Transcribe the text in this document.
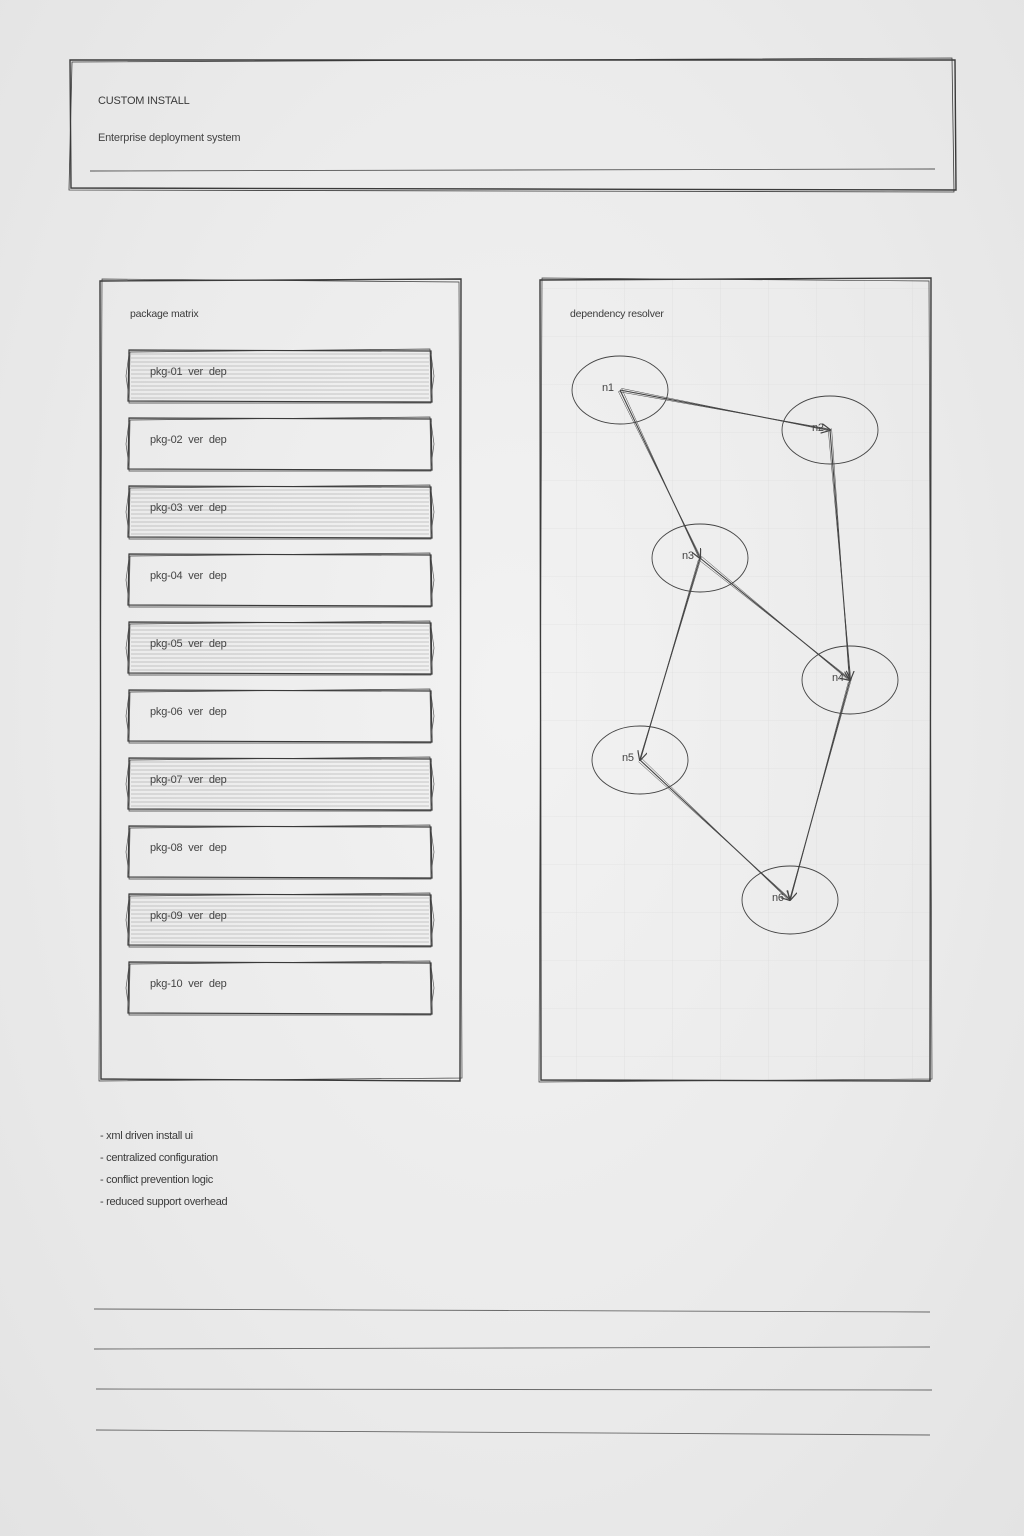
CUSTOM INSTALL
Enterprise deployment system
package matrix	dependency resolver
pkg-01 ver dep
pkg-02 ver dep
pkg-03 ver dep
pkg-04 ver dep
pkg-05 ver dep
pkg-06 ver dep
pkg-07 ver dep
pkg-08 ver dep
pkg-09 ver dep
pkg-10 ver dep
n1
n2
n3
n4
n5
n6
- xml driven install ui
- centralized configuration
- conflict prevention logic
- reduced support overhead
